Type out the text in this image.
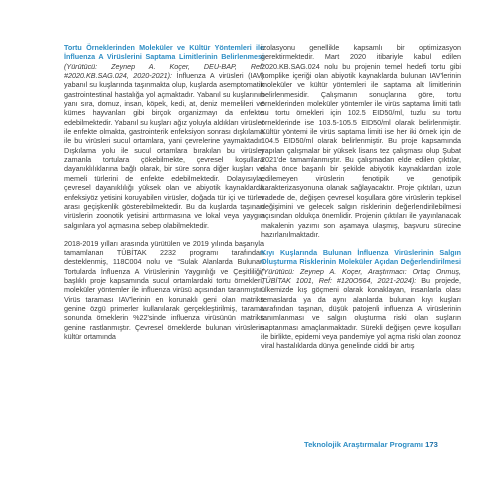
Tortu Örneklerinden Moleküler ve Kültür Yöntemleri ile İnfluenza A Virüslerini Saptama Limitlerinin Belirlenmesi (Yürütücü: Zeynep A. Koçer, DEU-BAP, Ref: #2020.KB.SAG.024, 2020-2021): İnfluenza A virüsleri (IAV) yabanıl su kuşlarında taşınmakta olup, kuşlarda asemptomatik gastrointestinal hastalığa yol açmaktadır. Yabanıl su kuşlarının yanı sıra, domuz, insan, köpek, kedi, at, deniz memelileri ve kümes hayvanları gibi birçok organizmayı da enfekte edebilmektedir. Yabanıl su kuşları ağız yoluyla aldıkları virüsler ile enfekte olmakta, gastrointerik enfeksiyon sonrası dışkılama ile bu virüsleri sucul ortamlara, yani çevrelerine yaymaktadır. Dışkılama yolu ile sucul ortamlara bırakılan bu virüsler zamanla tortulara çökebilmekte, çevresel koşullara dayanıklılıklarına bağlı olarak, bir süre sonra diğer kuşları ve memeli türlerini de enfekte edebilmektedir. Dolayısıyla, çevresel dayanıklılığı yüksek olan ve abiyotik kaynaklarda enfeksiyöz yetisini koruyabilen virüsler, doğada tür içi ve türler arası geçişkenlik gösterebilmektedir. Bu da kuşlarda taşınan virüslerin zoonotik yetisini arttırmasına ve lokal veya yaygın salgınlara yol açmasına sebep olabilmektedir.

2018-2019 yılları arasında yürütülen ve 2019 yılında başarıyla tamamlanan TÜBİTAK 2232 programı tarafından desteklenmiş, 118C004 nolu ve “Sulak Alanlarda Bulunan Tortularda İnfluenza A Virüslerinin Yaygınlığı ve Çeşitliliği” başlıklı proje kapsamında sucul ortamlardaki tortu örnekleri, moleküler yöntemler ile influenza virüsü açısından taranmıştır. Virüs taraması IAV'lerinin en korunaklı geni olan matriks genine özgü primerler kullanılarak gerçekleştirilmiş, tarama sonunda örneklerin %22'sinde influenza virüsünün matriks genine rastlanmıştır. Çevresel örneklerde bulunan virüslerin kültür ortamında

izolasyonu genellikle kapsamlı bir optimizasyon gerektirmektedir. Mart 2020 itibariyle kabul edilen 2020.KB.SAG.024 nolu bu projenin temel hedefi tortu gibi komplike içeriği olan abiyotik kaynaklarda bulunan IAV'lerinin moleküler ve kültür yöntemleri ile saptama alt limitlerinin belirlenmesidir. Çalışmanın sonuçlarına göre, tortu örneklerinden moleküler yöntemler ile virüs saptama limiti tatlı su tortu örnekleri için 102.5 EID50/ml, tuzlu su tortu örneklerinde ise 103.5-105.5 EID50/ml olarak belirlenmiştir. Kültür yöntemi ile virüs saptama limiti ise her iki örnek için de 104.5 EID50/ml olarak belirlenmiştir. Bu proje kapsamında yapılan çalışmalar bir yüksek lisans tez çalışması olup Şubat 2021'de tamamlanmıştır. Bu çalışmadan elde edilen çıktılar, daha önce başarılı bir şekilde abiyotik kaynaklardan izole edilemeyen virüslerin fenotipik ve genotipik karakterizasyonuna olanak sağlayacaktır. Proje çıktıları, uzun vadede de, değişen çevresel koşullara göre virüslerin tepkisel değişimini ve gelecek salgın risklerinin değerlendirilebilmesi açısından oldukça önemlidir. Projenin çıktıları ile yayınlanacak makalenin yazımı son aşamaya ulaşmış, başvuru sürecine hazırlanılmaktadır.

Kıyı Kuşlarında Bulunan İnfluenza Virüslerinin Salgın Oluşturma Risklerinin Moleküler Açıdan Değerlendirilmesi (Yürütücü: Zeynep A. Koçer, Araştırmacı: Ortaç Onmuş, TÜBİTAK 1001, Ref: #120O564, 2021-2024): Bu projede, ülkemizde kış göçmeni olarak konaklayan, insanlarla olası temaslarda ya da aynı alanlarda bulunan kıyı kuşları tarafından taşınan, düşük patojenli influenza A virüslerinin tanımlanması ve salgın oluşturma riski olan suşların saptanması amaçlanmaktadır. Sürekli değişen çevre koşulları ile birlikte, epidemi veya pandemiye yol açma riski olan zoonoz viral hastalıklarda dünya genelinde ciddi bir artış

Teknolojik Araştırmalar Programı 173
